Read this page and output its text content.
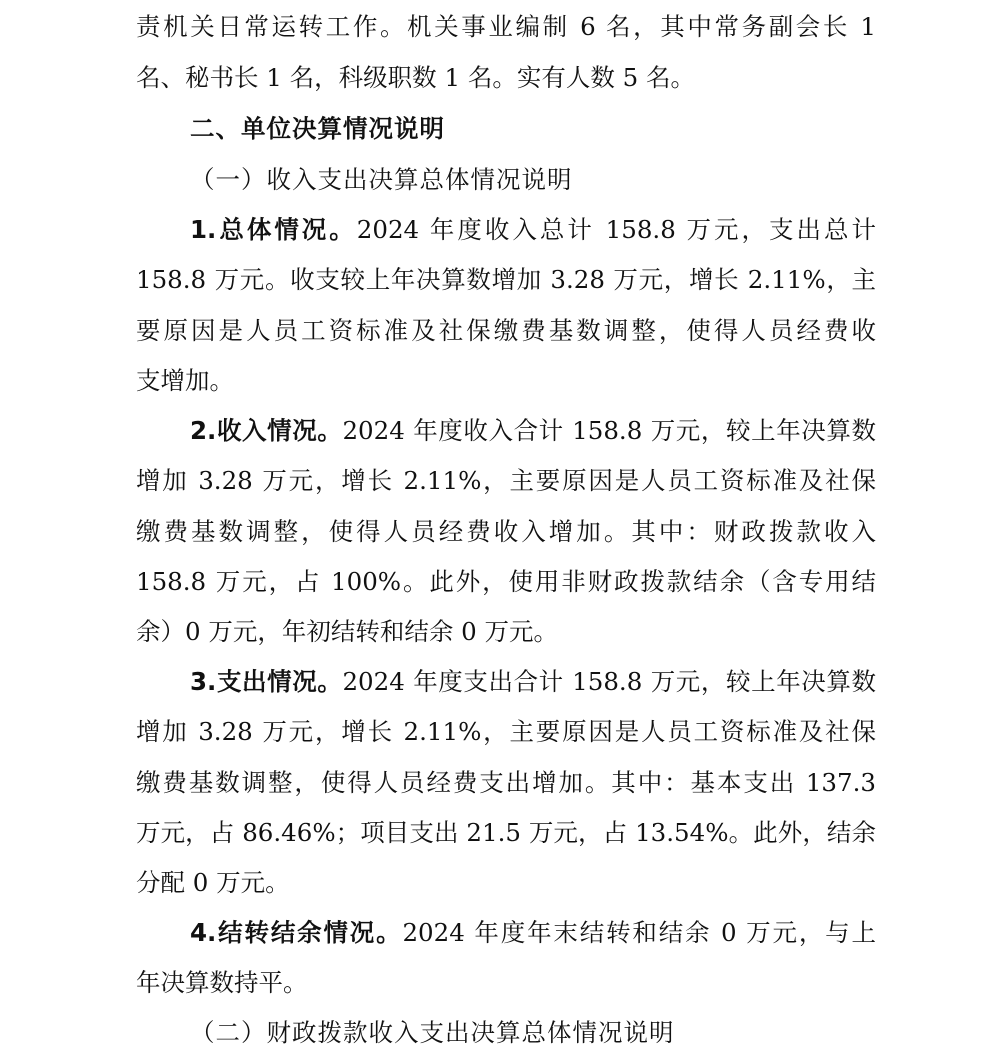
责机关日常运转工作。机关事业编制 6 名，其中常务副会长 1
名、秘书长 1 名，科级职数 1 名。实有人数 5 名。
二、单位决算情况说明
（一）收入支出决算总体情况说明
1.总体情况。2024 年度收入总计 158.8 万元，支出总计
158.8 万元。收支较上年决算数增加 3.28 万元，增长 2.11%，主
要原因是人员工资标准及社保缴费基数调整，使得人员经费收
支增加。
2.收入情况。2024 年度收入合计 158.8 万元，较上年决算数
增加 3.28 万元，增长 2.11%，主要原因是人员工资标准及社保
缴费基数调整，使得人员经费收入增加。其中：财政拨款收入
158.8 万元，占 100%。此外，使用非财政拨款结余（含专用结
余）0 万元，年初结转和结余 0 万元。
3.支出情况。2024 年度支出合计 158.8 万元，较上年决算数
增加 3.28 万元，增长 2.11%，主要原因是人员工资标准及社保
缴费基数调整，使得人员经费支出增加。其中：基本支出 137.3
万元，占 86.46%；项目支出 21.5 万元，占 13.54%。此外，结余
分配 0 万元。
4.结转结余情况。2024 年度年末结转和结余 0 万元，与上
年决算数持平。
（二）财政拨款收入支出决算总体情况说明
